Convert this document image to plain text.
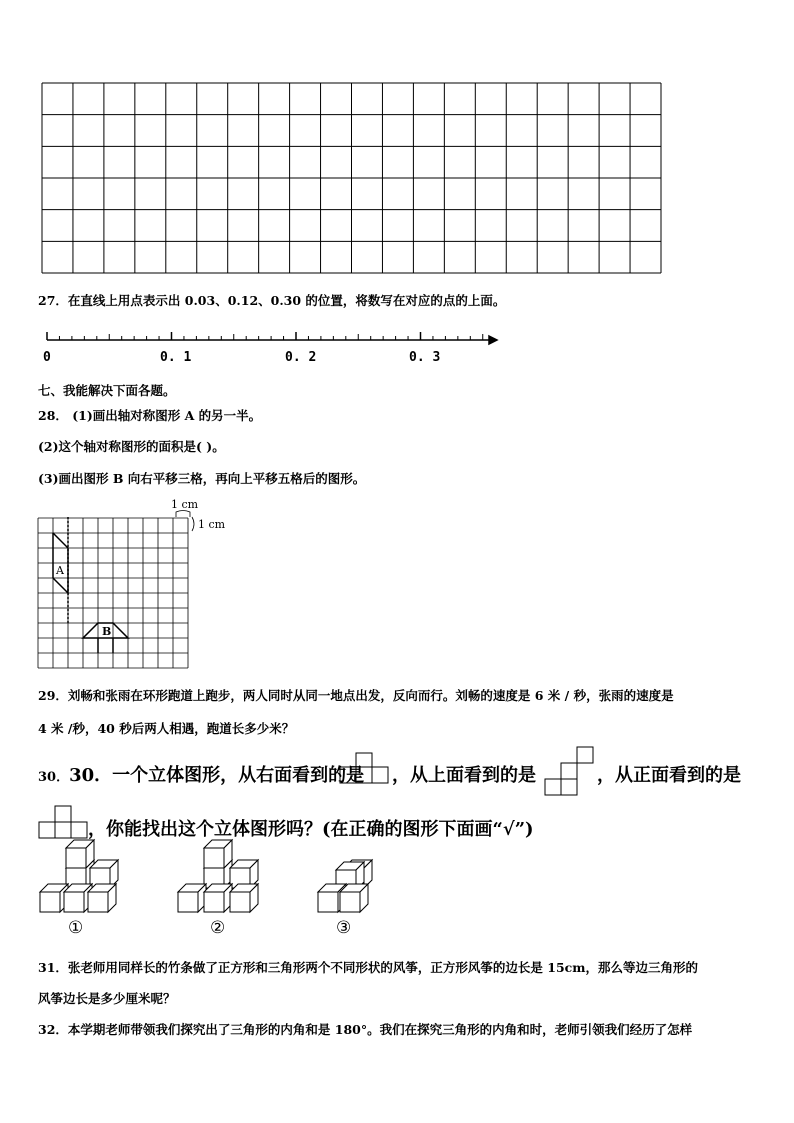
27．在直线上用点表示出 0.03、0.12、0.30 的位置，将数写在对应的点的上面。
0	0. 1	0. 2	0. 3
七、我能解决下面各题。
28． (1)画出轴对称图形 A 的另一半。
(2)这个轴对称图形的面积是( )。
(3)画出图形 B 向右平移三格，再向上平移五格后的图形。
1 cm
1 cm
A
B
29．刘畅和张雨在环形跑道上跑步，两人同时从同一地点出发，反向而行。刘畅的速度是 6 米 / 秒，张雨的速度是
4 米 /秒，40 秒后两人相遇，跑道长多少米？
30．30．一个立体图形，从右面看到的是 ，从上面看到的是	，从正面看到的是
，你能找出这个立体图形吗？(在正确的图形下面画“√”)
①	②	③
31．张老师用同样长的竹条做了正方形和三角形两个不同形状的风筝，正方形风筝的边长是 15cm，那么等边三角形的
风筝边长是多少厘米呢？
32．本学期老师带领我们探究出了三角形的内角和是 180°。我们在探究三角形的内角和时，老师引领我们经历了怎样
